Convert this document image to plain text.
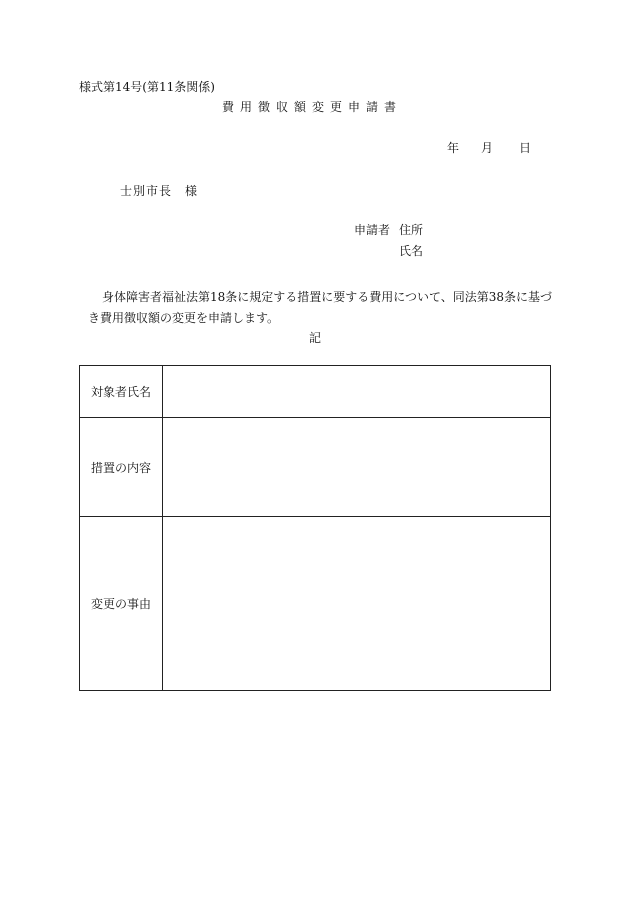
様式第14号(第11条関係)
費用徴収額変更申請書
年 月 日
士別市長　様
申請者 住所
氏名
身体障害者福祉法第18条に規定する措置に要する費用について、同法第38条に基づき費用徴収額の変更を申請します。
記
対象者氏名	
措置の内容	
変更の事由	
